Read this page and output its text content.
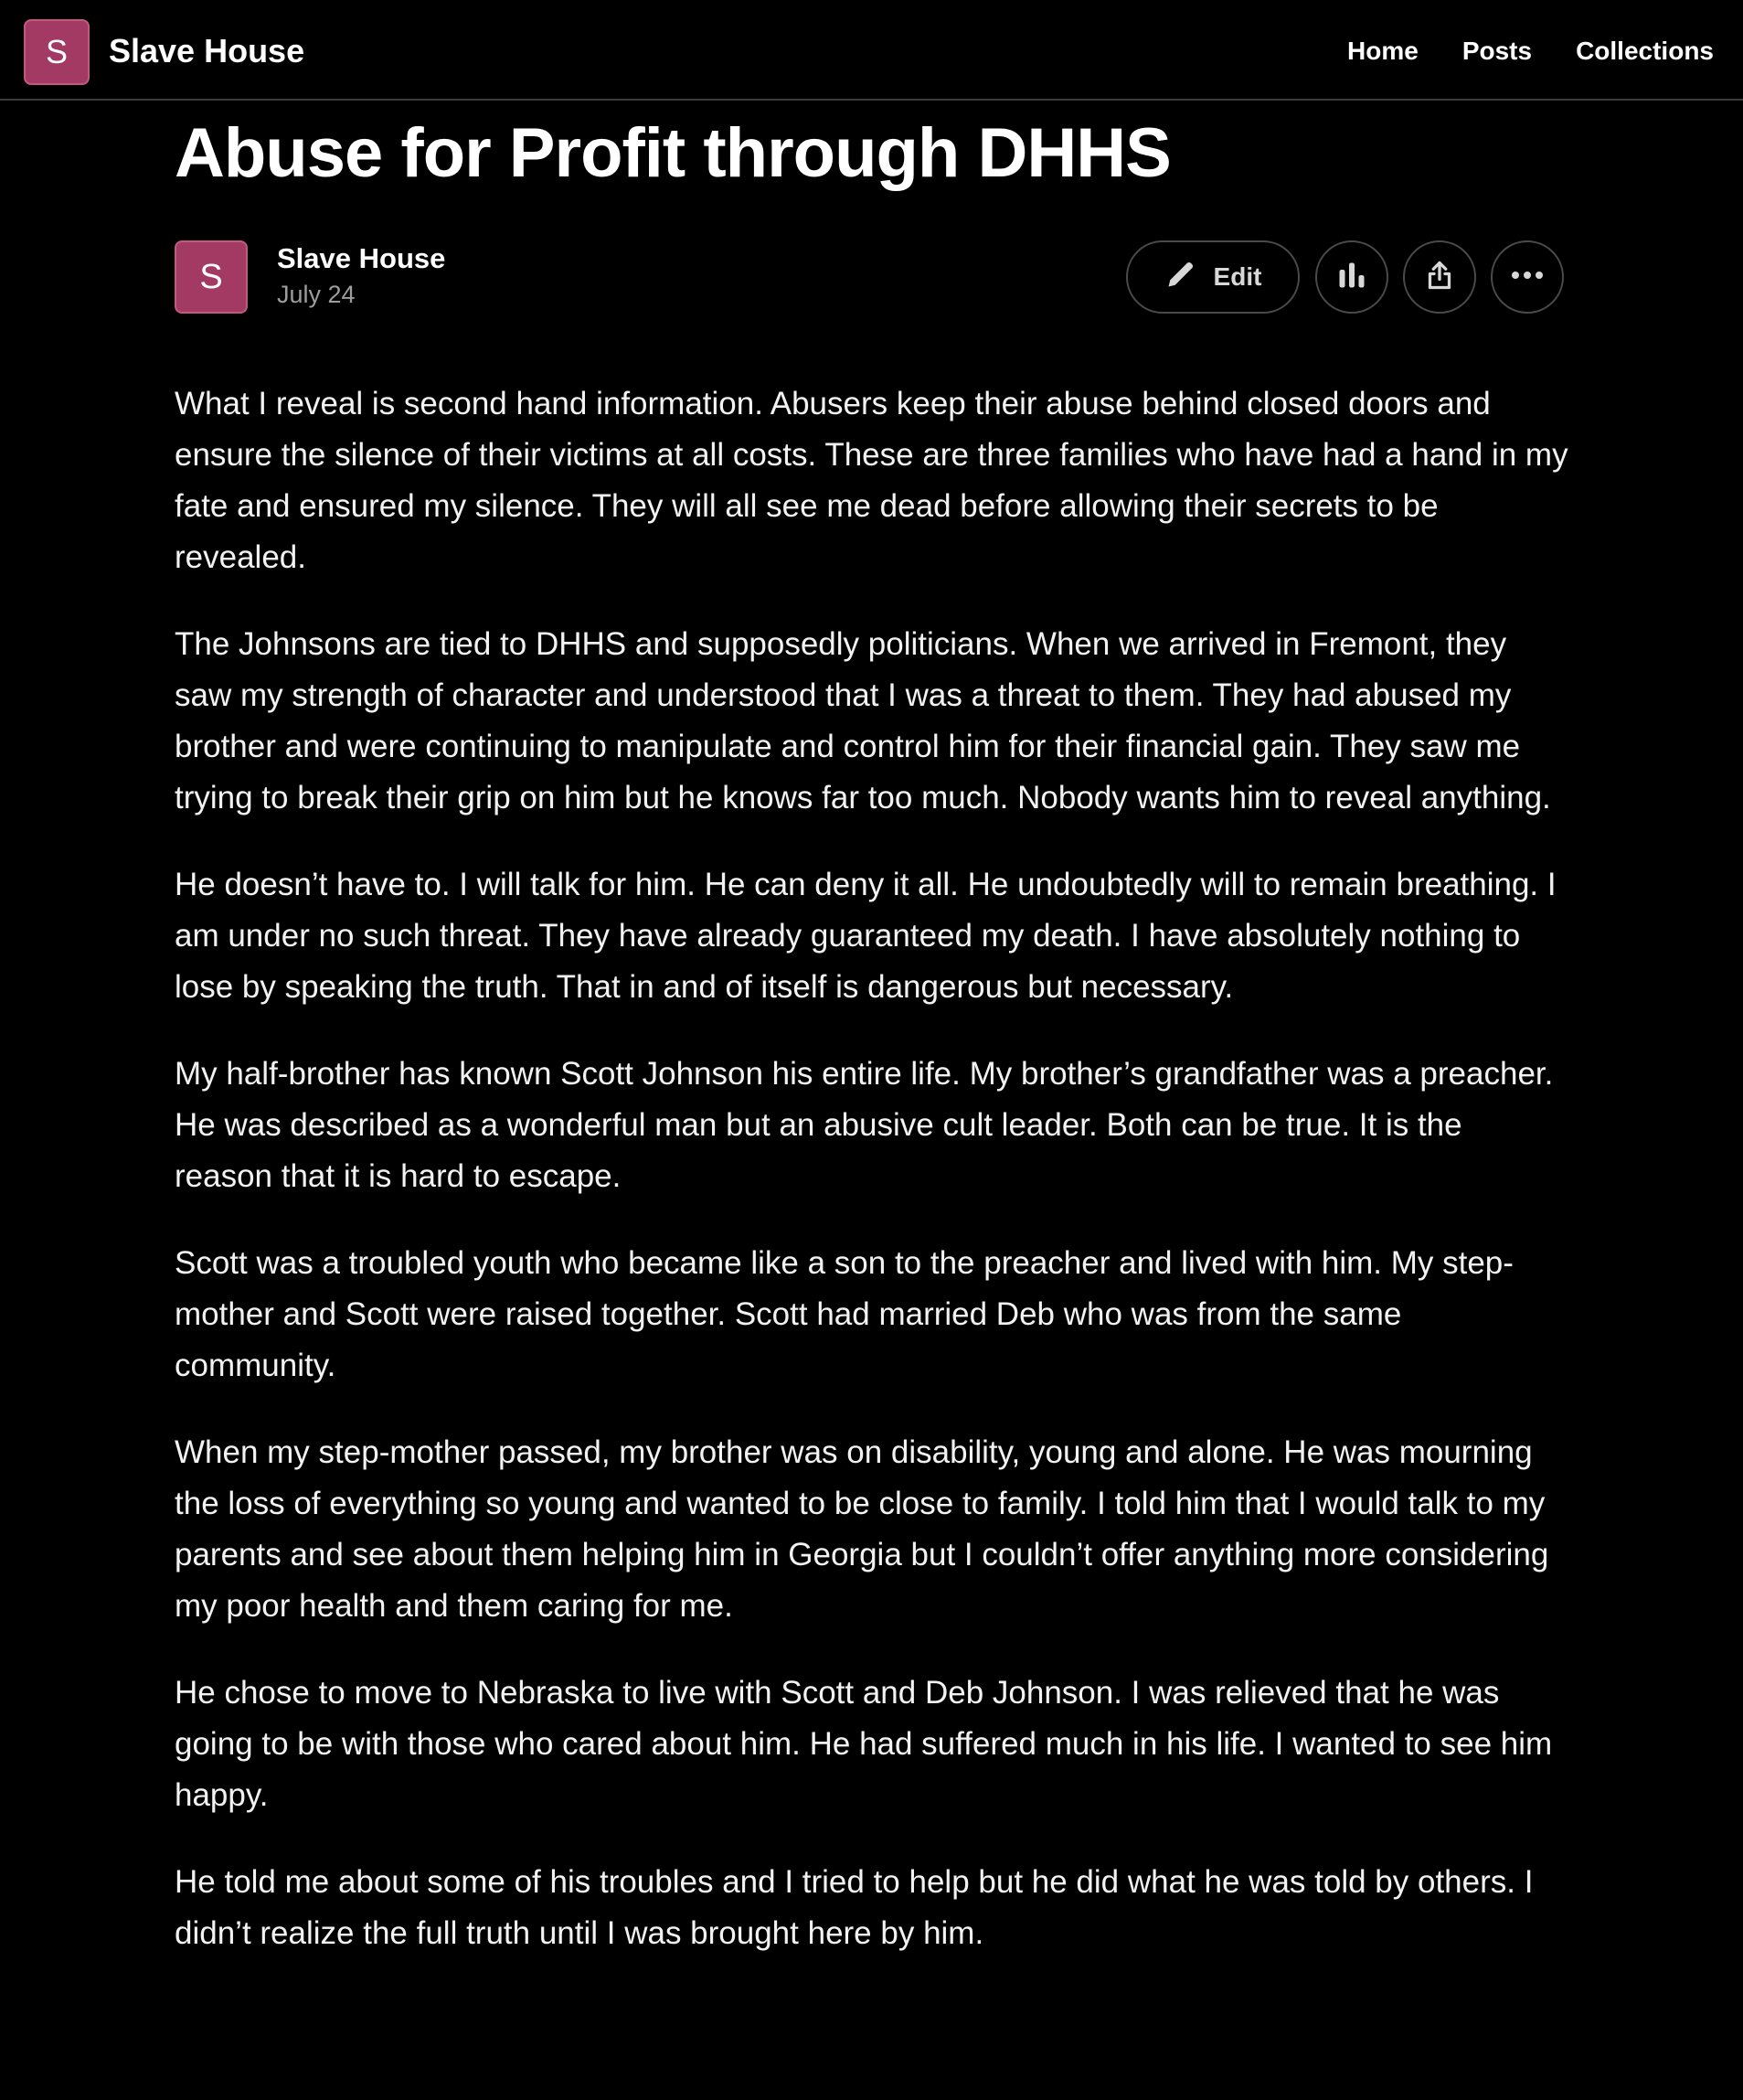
S	Slave House	Home Posts Collections
Abuse for Profit through DHHS
S	Slave House
July 24
Edit

What I reveal is second hand information. Abusers keep their abuse behind closed doors and ensure the silence of their victims at all costs. These are three families who have had a hand in my fate and ensured my silence. They will all see me dead before allowing their secrets to be revealed.

The Johnsons are tied to DHHS and supposedly politicians. When we arrived in Fremont, they saw my strength of character and understood that I was a threat to them. They had abused my brother and were continuing to manipulate and control him for their financial gain. They saw me trying to break their grip on him but he knows far too much. Nobody wants him to reveal anything.

He doesn’t have to. I will talk for him. He can deny it all. He undoubtedly will to remain breathing. I am under no such threat. They have already guaranteed my death. I have absolutely nothing to lose by speaking the truth. That in and of itself is dangerous but necessary.

My half-brother has known Scott Johnson his entire life. My brother’s grandfather was a preacher. He was described as a wonderful man but an abusive cult leader. Both can be true. It is the reason that it is hard to escape.

Scott was a troubled youth who became like a son to the preacher and lived with him. My step-mother and Scott were raised together. Scott had married Deb who was from the same community.

When my step-mother passed, my brother was on disability, young and alone. He was mourning the loss of everything so young and wanted to be close to family. I told him that I would talk to my parents and see about them helping him in Georgia but I couldn’t offer anything more considering my poor health and them caring for me.

He chose to move to Nebraska to live with Scott and Deb Johnson. I was relieved that he was going to be with those who cared about him. He had suffered much in his life. I wanted to see him happy.

He told me about some of his troubles and I tried to help but he did what he was told by others. I didn’t realize the full truth until I was brought here by him.
